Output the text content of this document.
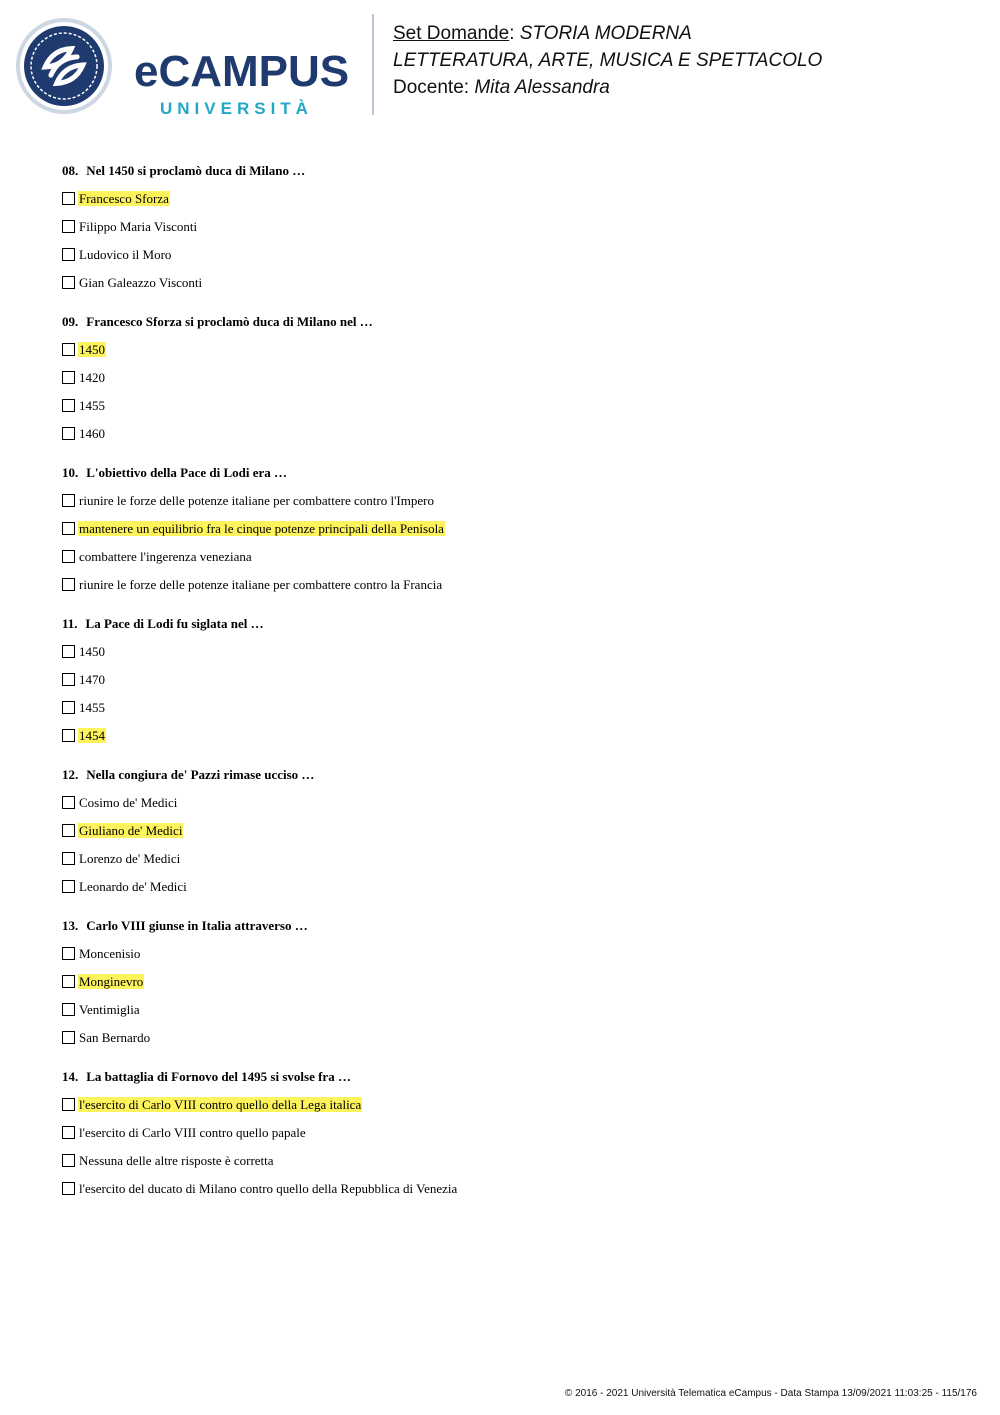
eCAMPUS
UNIVERSITÀ
Set Domande: STORIA MODERNA
LETTERATURA, ARTE, MUSICA E SPETTACOLO
Docente: Mita Alessandra
08. Nel 1450 si proclamò duca di Milano …
Francesco Sforza
Filippo Maria Visconti
Ludovico il Moro
Gian Galeazzo Visconti
09. Francesco Sforza si proclamò duca di Milano nel …
1450
1420
1455
1460
10. L'obiettivo della Pace di Lodi era …
riunire le forze delle potenze italiane per combattere contro l'Impero
mantenere un equilibrio fra le cinque potenze principali della Penisola
combattere l'ingerenza veneziana
riunire le forze delle potenze italiane per combattere contro la Francia
11. La Pace di Lodi fu siglata nel …
1450
1470
1455
1454
12. Nella congiura de' Pazzi rimase ucciso …
Cosimo de' Medici
Giuliano de' Medici
Lorenzo de' Medici
Leonardo de' Medici
13. Carlo VIII giunse in Italia attraverso …
Moncenisio
Monginevro
Ventimiglia
San Bernardo
14. La battaglia di Fornovo del 1495 si svolse fra …
l'esercito di Carlo VIII contro quello della Lega italica
l'esercito di Carlo VIII contro quello papale
Nessuna delle altre risposte è corretta
l'esercito del ducato di Milano contro quello della Repubblica di Venezia
© 2016 - 2021 Università Telematica eCampus - Data Stampa 13/09/2021 11:03:25 - 115/176
